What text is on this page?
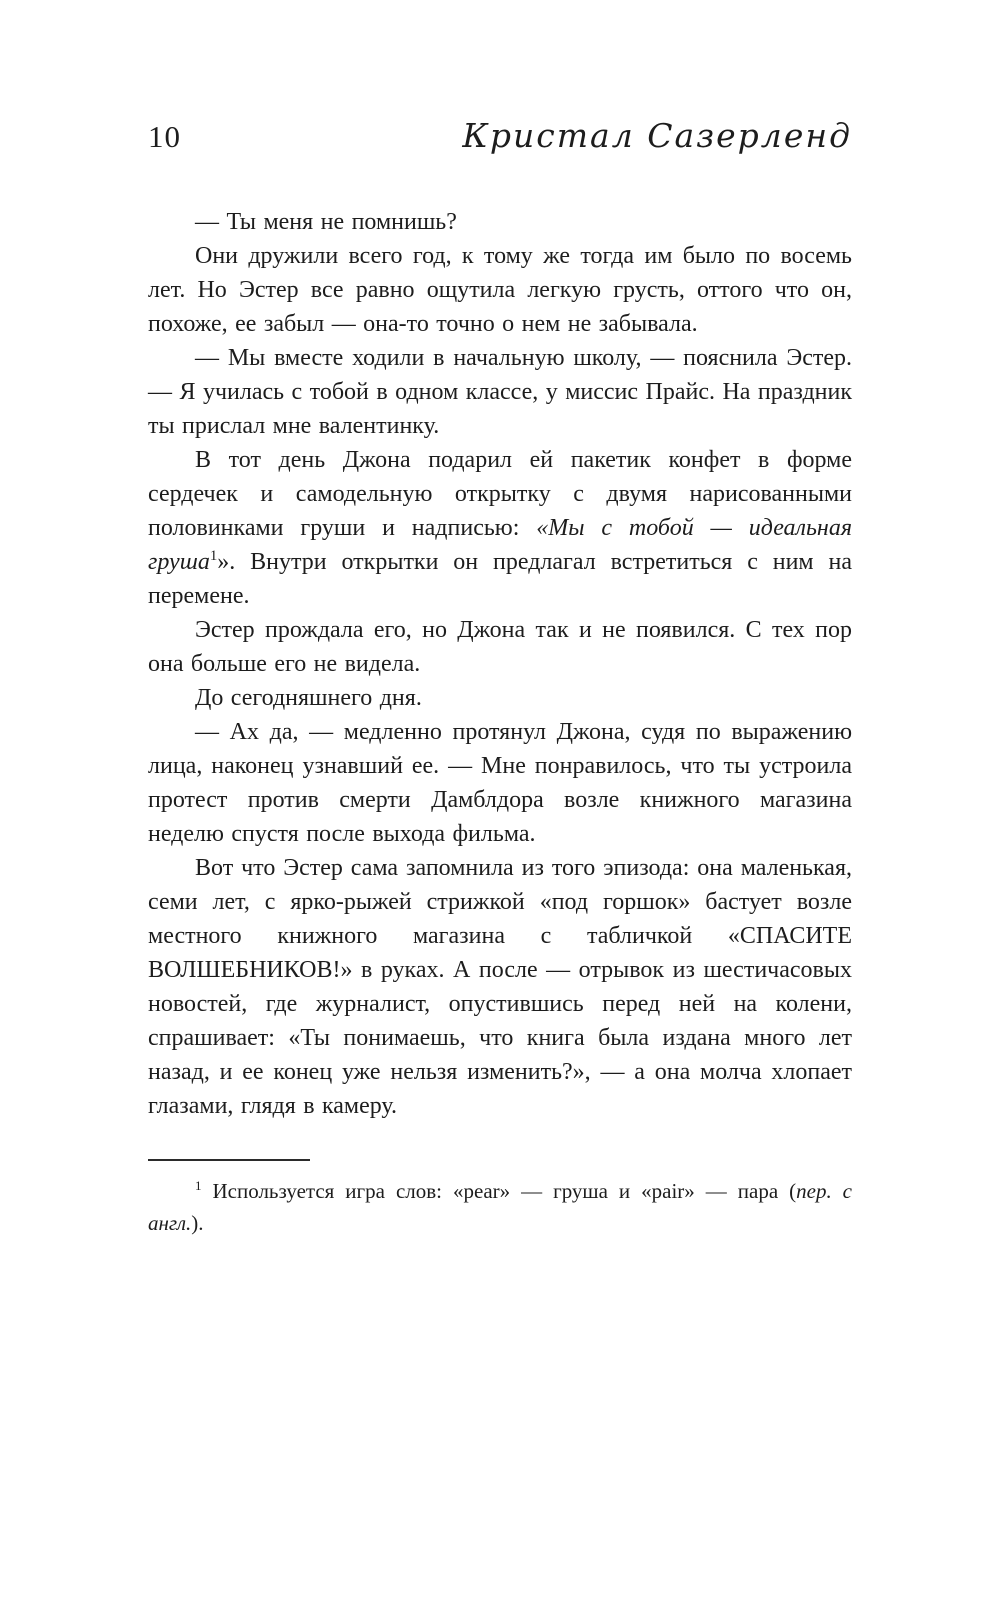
10	Кристал Сазерленд

— Ты меня не помнишь?

Они дружили всего год, к тому же тогда им было по восемь лет. Но Эстер все равно ощутила легкую грусть, оттого что он, похоже, ее забыл — она-то точно о нем не забывала.

— Мы вместе ходили в начальную школу, — пояснила Эстер. — Я училась с тобой в одном классе, у миссис Прайс. На праздник ты прислал мне валентинку.

В тот день Джона подарил ей пакетик конфет в форме сердечек и самодельную открытку с двумя нарисованными половинками груши и надписью: «Мы с тобой — идеальная груша$^1$». Внутри открытки он предлагал встретиться с ним на перемене.

Эстер прождала его, но Джона так и не появился. С тех пор она больше его не видела.

До сегодняшнего дня.

— Ах да, — медленно протянул Джона, судя по выражению лица, наконец узнавший ее. — Мне понравилось, что ты устроила протест против смерти Дамблдора возле книжного магазина неделю спустя после выхода фильма.

Вот что Эстер сама запомнила из того эпизода: она маленькая, семи лет, с ярко-рыжей стрижкой «под горшок» бастует возле местного книжного магазина с табличкой «СПАСИТЕ ВОЛШЕБНИКОВ!» в руках. А после — отрывок из шестичасовых новостей, где журналист, опустившись перед ней на колени, спрашивает: «Ты понимаешь, что книга была издана много лет назад, и ее конец уже нельзя изменить?», — а она молча хлопает глазами, глядя в камеру.

$^1$ Используется игра слов: «pear» — груша и «pair» — пара (пер. с англ.).
